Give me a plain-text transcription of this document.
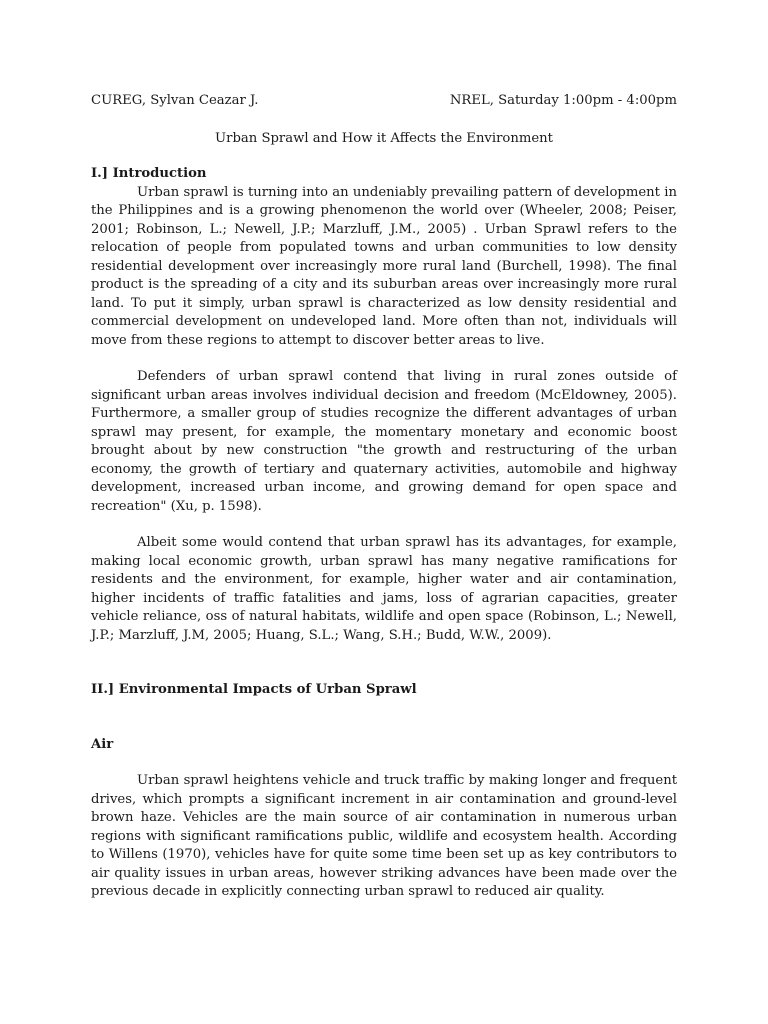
CUREG, Sylvan Ceazar J.	NREL, Saturday 1:00pm - 4:00pm
Urban Sprawl and How it Affects the Environment

I.] Introduction

Urban sprawl is turning into an undeniably prevailing pattern of development in the Philippines and is a growing phenomenon the world over (Wheeler, 2008; Peiser, 2001; Robinson, L.; Newell, J.P.; Marzluff, J.M., 2005) . Urban Sprawl refers to the relocation of people from populated towns and urban communities to low density residential development over increasingly more rural land (Burchell, 1998). The final product is the spreading of a city and its suburban areas over increasingly more rural land. To put it simply, urban sprawl is characterized as low density residential and commercial development on undeveloped land. More often than not, individuals will move from these regions to attempt to discover better areas to live.

Defenders of urban sprawl contend that living in rural zones outside of significant urban areas involves individual decision and freedom (McEldowney, 2005). Furthermore, a smaller group of studies recognize the different advantages of urban sprawl may present, for example, the momentary monetary and economic boost brought about by new construction "the growth and restructuring of the urban economy, the growth of tertiary and quaternary activities, automobile and highway development, increased urban income, and growing demand for open space and recreation" (Xu, p. 1598).

Albeit some would contend that urban sprawl has its advantages, for example, making local economic growth, urban sprawl has many negative ramifications for residents and the environment, for example, higher water and air contamination, higher incidents of traffic fatalities and jams, loss of agrarian capacities, greater vehicle reliance, oss of natural habitats, wildlife and open space (Robinson, L.; Newell, J.P.; Marzluff, J.M, 2005; Huang, S.L.; Wang, S.H.; Budd, W.W., 2009).

II.] Environmental Impacts of Urban Sprawl

Air

Urban sprawl heightens vehicle and truck traffic by making longer and frequent drives, which prompts a significant increment in air contamination and ground-level brown haze. Vehicles are the main source of air contamination in numerous urban regions with significant ramifications public, wildlife and ecosystem health. According to Willens (1970), vehicles have for quite some time been set up as key contributors to air quality issues in urban areas, however striking advances have been made over the previous decade in explicitly connecting urban sprawl to reduced air quality.
